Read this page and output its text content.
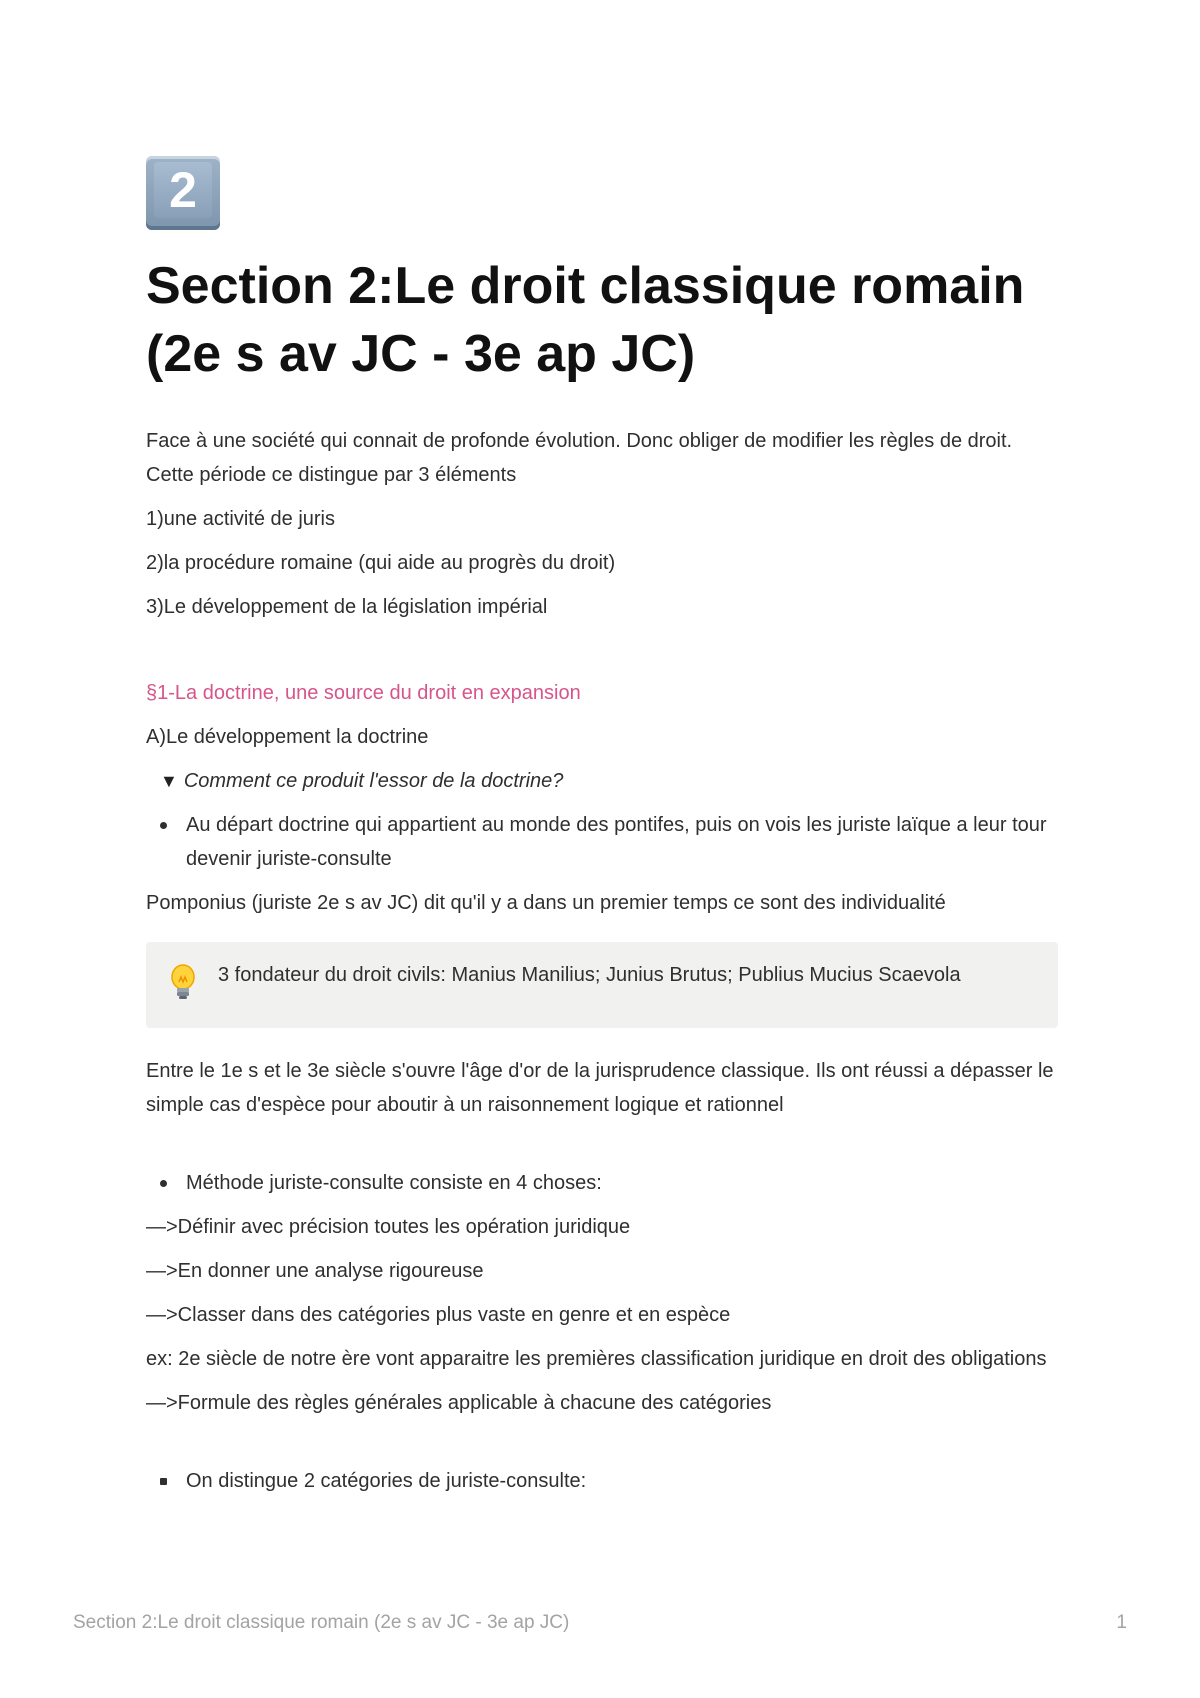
2
Section 2:Le droit classique romain
(2e s av JC - 3e ap JC)

Face à une société qui connait de profonde évolution. Donc obliger de modifier les règles de droit. Cette période ce distingue par 3 éléments

1)une activité de juris

2)la procédure romaine (qui aide au progrès du droit)

3)Le développement de la législation impérial

§1-La doctrine, une source du droit en expansion

A)Le développement la doctrine

▼ Comment ce produit l'essor de la doctrine?
Au départ doctrine qui appartient au monde des pontifes, puis on vois les juriste laïque a leur tour devenir juriste-consulte

Pomponius (juriste 2e s av JC) dit qu'il y a dans un premier temps ce sont des individualité

3 fondateur du droit civils: Manius Manilius; Junius Brutus; Publius Mucius Scaevola

Entre le 1e s et le 3e siècle s'ouvre l'âge d'or de la jurisprudence classique. Ils ont réussi a dépasser le simple cas d'espèce pour aboutir à un raisonnement logique et rationnel

Méthode juriste-consulte consiste en 4 choses:

—>Définir avec précision toutes les opération juridique

—>En donner une analyse rigoureuse

—>Classer dans des catégories plus vaste en genre et en espèce

ex: 2e siècle de notre ère vont apparaitre les premières classification juridique en droit des obligations

—>Formule des règles générales applicable à chacune des catégories

On distingue 2 catégories de juriste-consulte:
Section 2:Le droit classique romain (2e s av JC - 3e ap JC)	1
